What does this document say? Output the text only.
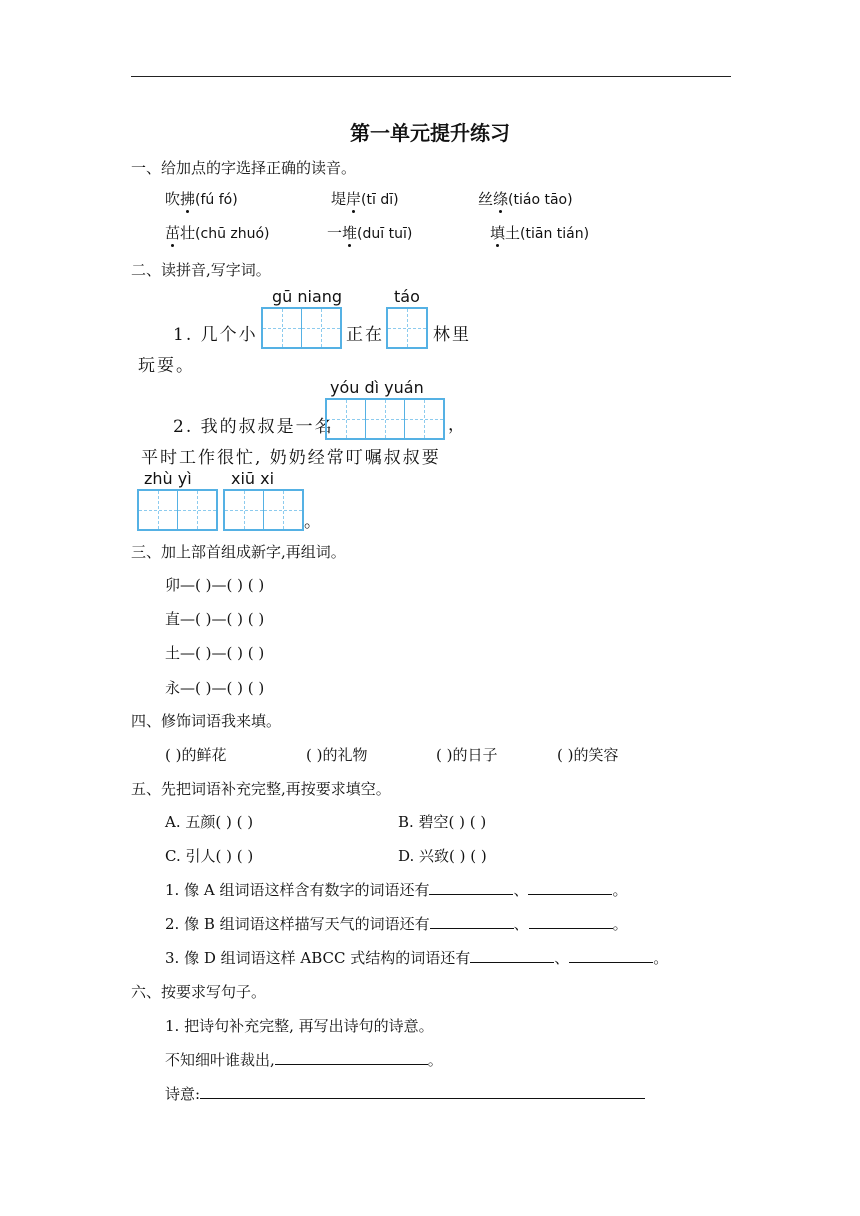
第一单元提升练习
一、给加点的字选择正确的读音。
吹拂(fú fó)	堤岸(tī dī)	丝绦(tiáo tāo)
茁壮(chū zhuó)	一堆(duī tuī)	填土(tiān tián)
二、读拼音,写字词。
gū niang	táo
1. 几个小	正在	林里
玩耍。
yóu dì yuán
2. 我的叔叔是一名	，
平时工作很忙, 奶奶经常叮嘱叔叔要
zhù yì xiū xi
。
三、加上部首组成新字,再组词。
卯—( )—( ) ( )
直—( )—( ) ( )
土—( )—( ) ( )
永—( )—( ) ( )
四、修饰词语我来填。
( )的鲜花	( )的礼物	( )的日子	( )的笑容
五、先把词语补充完整,再按要求填空。
A. 五颜( ) ( )	B. 碧空( ) ( )
C. 引人( ) ( )	D. 兴致( ) ( )
1. 像 A 组词语这样含有数字的词语还有	、	。
2. 像 B 组词语这样描写天气的词语还有	、	。
3. 像 D 组词语这样 ABCC 式结构的词语还有	、	。
六、按要求写句子。
1. 把诗句补充完整, 再写出诗句的诗意。
不知细叶谁裁出,	。
诗意:
